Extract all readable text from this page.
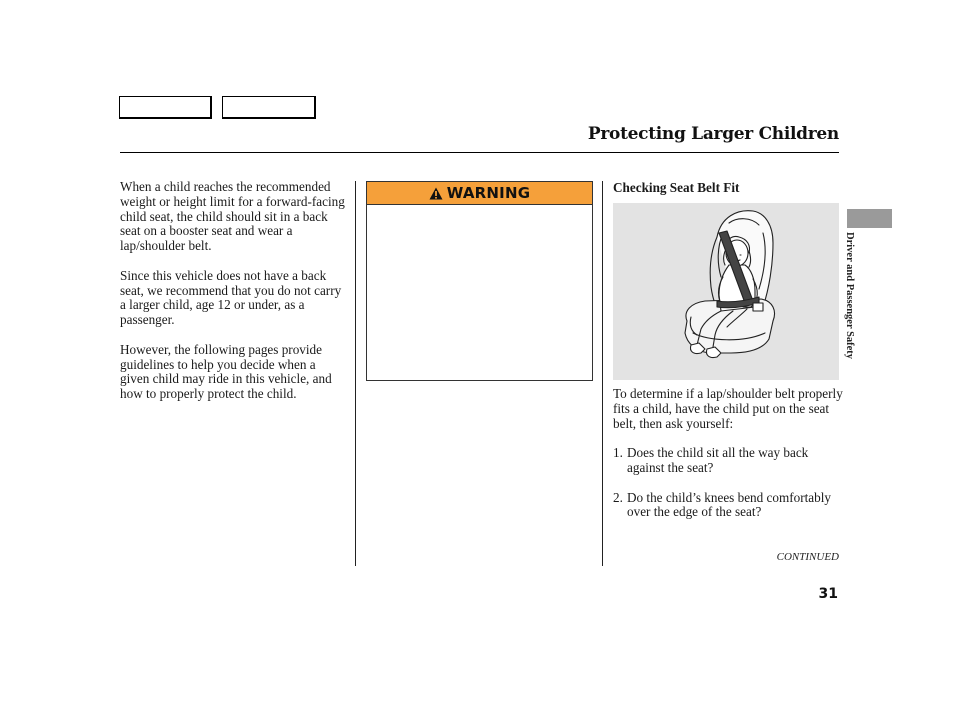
Protecting Larger Children

When a child reaches the recommended weight or height limit for a forward-facing child seat, the child should sit in a back seat on a booster seat and wear a lap/shoulder belt.

Since this vehicle does not have a back seat, we recommend that you do not carry a larger child, age 12 or under, as a passenger.

However, the following pages provide guidelines to help you decide when a given child may ride in this vehicle, and how to properly protect the child.

WARNING	Checking Seat Belt Fit

To determine if a lap/shoulder belt properly fits a child, have the child put on the seat belt, then ask yourself:

1. Does the child sit all the way back against the seat?
2. Do the child’s knees bend comfortably over the edge of the seat?
CONTINUED
31
Driver and Passenger Safety
